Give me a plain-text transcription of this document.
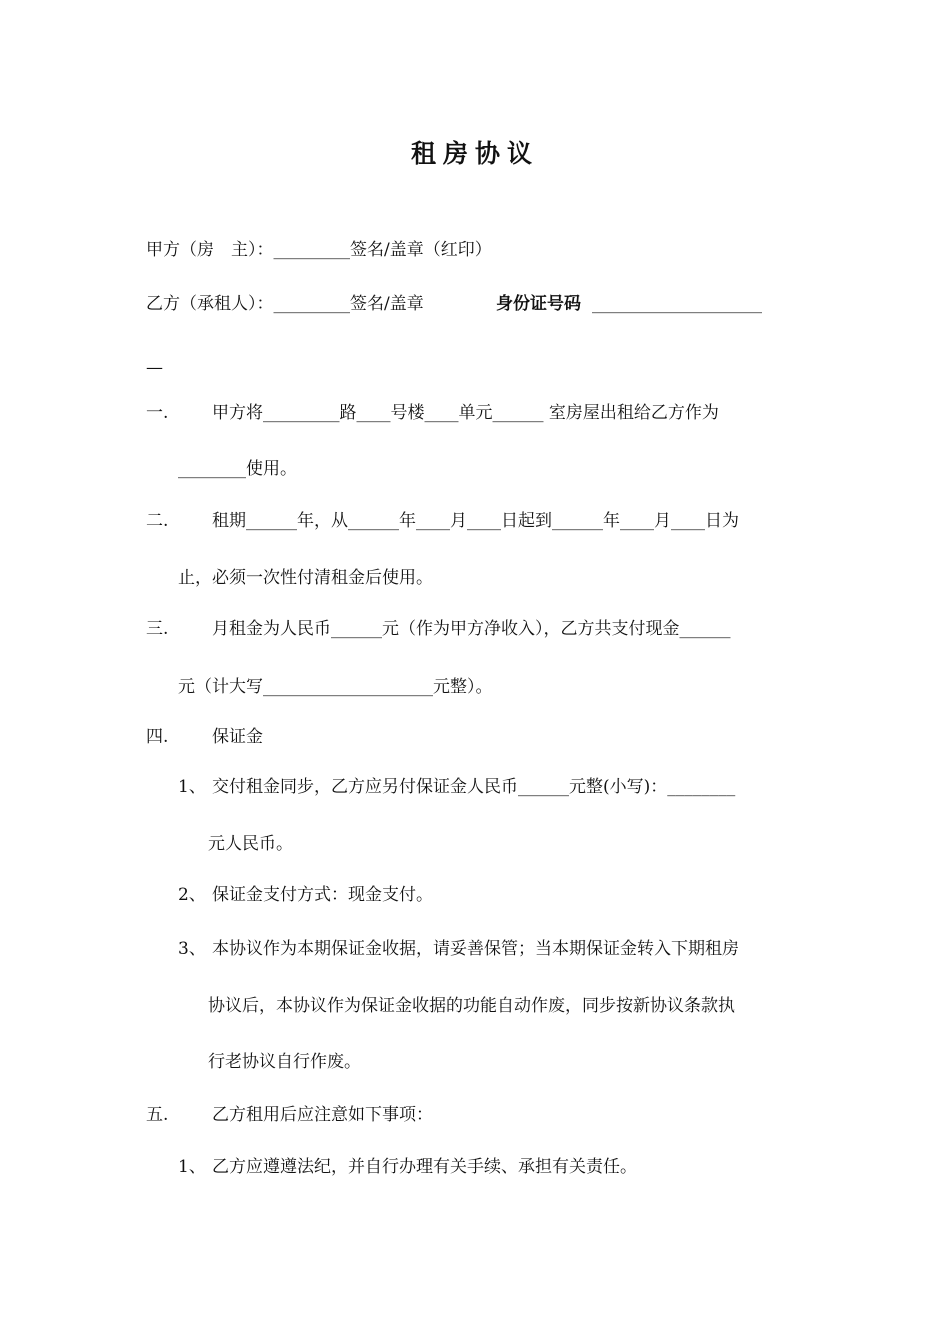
租房协议
甲方（房　主）：_________签名/盖章（红印）
乙方（承租人）：_________签名/盖章	身份证号码 ____________________
—
一.	甲方将_________路____号楼____单元______ 室房屋出租给乙方作为
________使用。
二.	租期______年，从______年____月____日起到______年____月____日为
止，必须一次性付清租金后使用。
三.	月租金为人民币______元（作为甲方净收入），乙方共支付现金______
元（计大写____________________元整）。
四.	保证金
1、 交付租金同步，乙方应另付保证金人民币______元整(小写)：________
元人民币。
2、 保证金支付方式：现金支付。
3、 本协议作为本期保证金收据，请妥善保管；当本期保证金转入下期租房
协议后，本协议作为保证金收据的功能自动作废，同步按新协议条款执
行老协议自行作废。
五.	乙方租用后应注意如下事项：
1、 乙方应遵遵法纪，并自行办理有关手续、承担有关责任。
